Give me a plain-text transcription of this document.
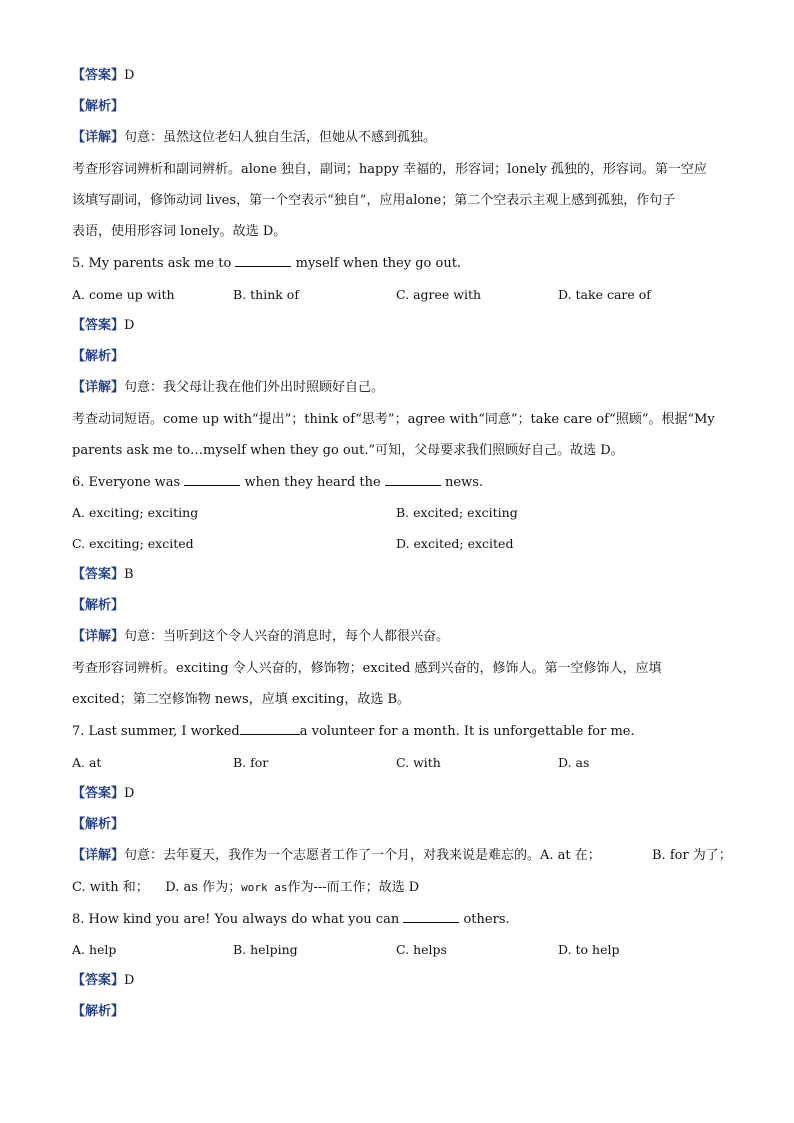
【答案】D
【解析】
【详解】句意：虽然这位老妇人独自生活，但她从不感到孤独。
考查形容词辨析和副词辨析。alone 独自，副词；happy 幸福的，形容词；lonely 孤独的，形容词。第一空应
该填写副词，修饰动词 lives，第一个空表示“独自”，应用alone；第二个空表示主观上感到孤独，作句子
表语，使用形容词 lonely。故选 D。
5. My parents ask me to	myself when they go out.
A. come up with	B. think of	C. agree with	D. take care of
【答案】D
【解析】
【详解】句意：我父母让我在他们外出时照顾好自己。
考查动词短语。come up with“提出”；think of“思考”；agree with“同意”；take care of“照顾”。根据“My
parents ask me to…myself when they go out.”可知，父母要求我们照顾好自己。故选 D。
6. Everyone was	when they heard the	news.
A. exciting; exciting	B. excited; exciting
C. exciting; excited	D. excited; excited
【答案】B
【解析】
【详解】句意：当听到这个令人兴奋的消息时，每个人都很兴奋。
考查形容词辨析。exciting 令人兴奋的，修饰物；excited 感到兴奋的，修饰人。第一空修饰人，应填
excited；第二空修饰物 news，应填 exciting，故选 B。
7. Last summer, I worked	a volunteer for a month. It is unforgettable for me.
A. at	B. for	C. with	D. as
【答案】D
【解析】
【详解】句意：去年夏天，我作为一个志愿者工作了一个月，对我来说是难忘的。A. at 在；	B. for 为了；
C. with 和； D. as 作为；work as作为---而工作；故选 D
8. How kind you are! You always do what you can	others.
A. help	B. helping	C. helps	D. to help
【答案】D
【解析】
